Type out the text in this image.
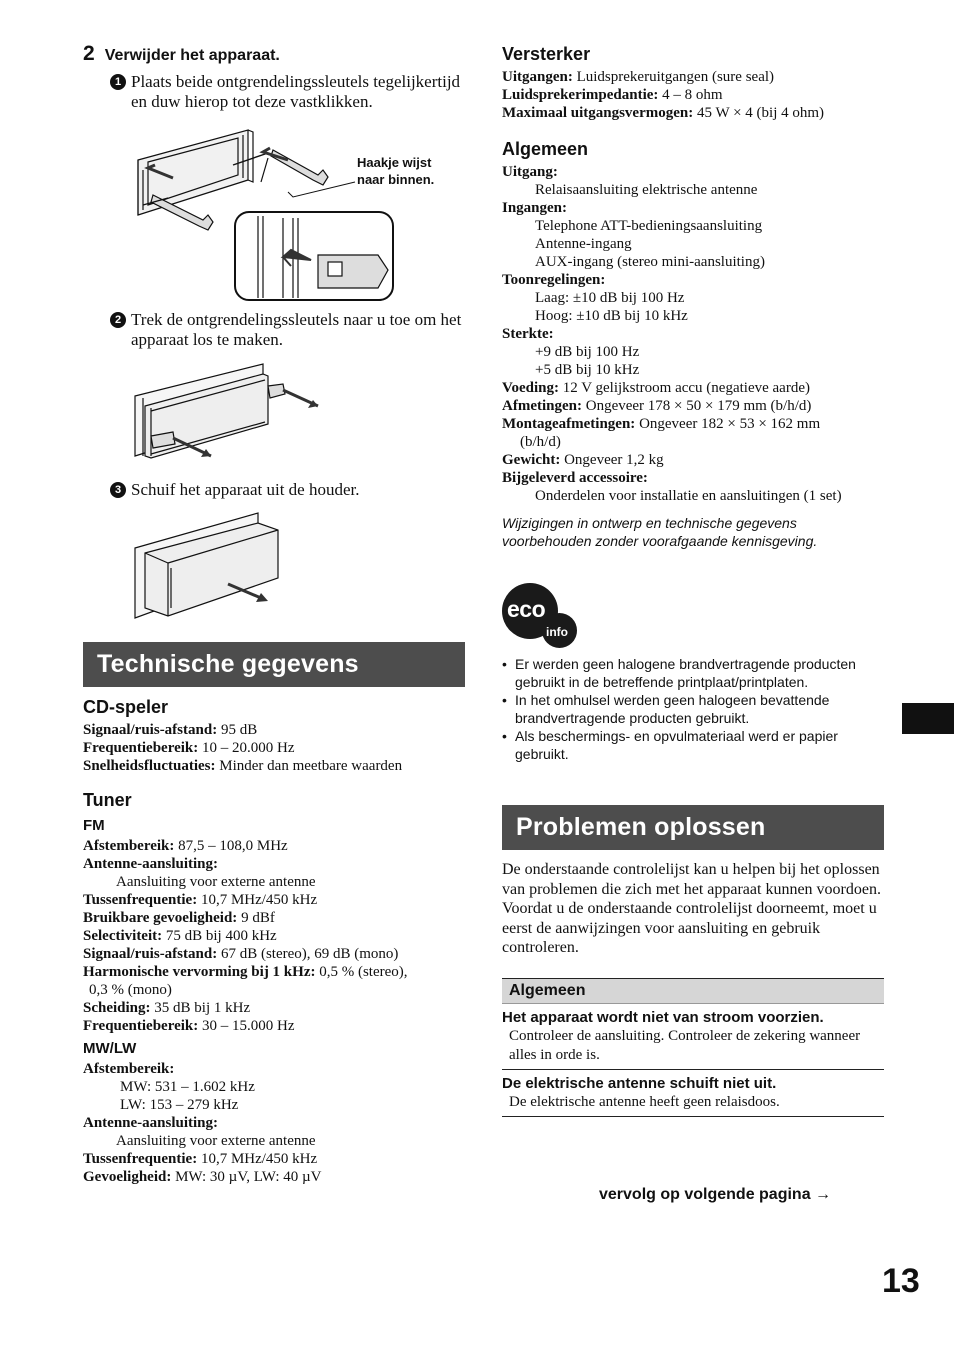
2 Verwijder het apparaat.
1 Plaats beide ontgrendelingssleutels tegelijkertijd en duw hierop tot deze vastklikken.
Haakje wijst
naar binnen.
2 Trek de ontgrendelingssleutels naar u toe om het apparaat los te maken.
3 Schuif het apparaat uit de houder.
Technische gegevens
CD-speler
Signaal/ruis-afstand: 95 dB
Frequentiebereik: 10 – 20.000 Hz
Snelheidsfluctuaties: Minder dan meetbare waarden
Tuner
FM
Afstembereik: 87,5 – 108,0 MHz
Antenne-aansluiting:
Aansluiting voor externe antenne
Tussenfrequentie: 10,7 MHz/450 kHz
Bruikbare gevoeligheid: 9 dBf
Selectiviteit: 75 dB bij 400 kHz
Signaal/ruis-afstand: 67 dB (stereo), 69 dB (mono)
Harmonische vervorming bij 1 kHz: 0,5 % (stereo),
0,3 % (mono)
Scheiding: 35 dB bij 1 kHz
Frequentiebereik: 30 – 15.000 Hz
MW/LW
Afstembereik:
MW: 531 – 1.602 kHz
LW: 153 – 279 kHz
Antenne-aansluiting:
Aansluiting voor externe antenne
Tussenfrequentie: 10,7 MHz/450 kHz
Gevoeligheid: MW: 30 µV, LW: 40 µV
Versterker
Uitgangen: Luidsprekeruitgangen (sure seal)
Luidsprekerimpedantie: 4 – 8 ohm
Maximaal uitgangsvermogen: 45 W × 4 (bij 4 ohm)
Algemeen
Uitgang:
Relaisaansluiting elektrische antenne
Ingangen:
Telephone ATT-bedieningsaansluiting
Antenne-ingang
AUX-ingang (stereo mini-aansluiting)
Toonregelingen:
Laag: ±10 dB bij 100 Hz
Hoog: ±10 dB bij 10 kHz
Sterkte:
+9 dB bij 100 Hz
+5 dB bij 10 kHz
Voeding: 12 V gelijkstroom accu (negatieve aarde)
Afmetingen: Ongeveer 178 × 50 × 179 mm (b/h/d)
Montageafmetingen: Ongeveer 182 × 53 × 162 mm
(b/h/d)
Gewicht: Ongeveer 1,2 kg
Bijgeleverd accessoire:
Onderdelen voor installatie en aansluitingen (1 set)
Wijzigingen in ontwerp en technische gegevens voorbehouden zonder voorafgaande kennisgeving.
eco
info
• Er werden geen halogene brandvertragende producten gebruikt in de betreffende printplaat/printplaten.
• In het omhulsel werden geen halogeen bevattende brandvertragende producten gebruikt.
• Als beschermings- en opvulmateriaal werd er papier gebruikt.
Problemen oplossen
De onderstaande controlelijst kan u helpen bij het oplossen van problemen die zich met het apparaat kunnen voordoen.
Voordat u de onderstaande controlelijst doorneemt, moet u eerst de aanwijzingen voor aansluiting en gebruik controleren.
Algemeen
Het apparaat wordt niet van stroom voorzien.
Controleer de aansluiting. Controleer de zekering wanneer alles in orde is.
De elektrische antenne schuift niet uit.
De elektrische antenne heeft geen relaisdoos.
vervolg op volgende pagina →
13
